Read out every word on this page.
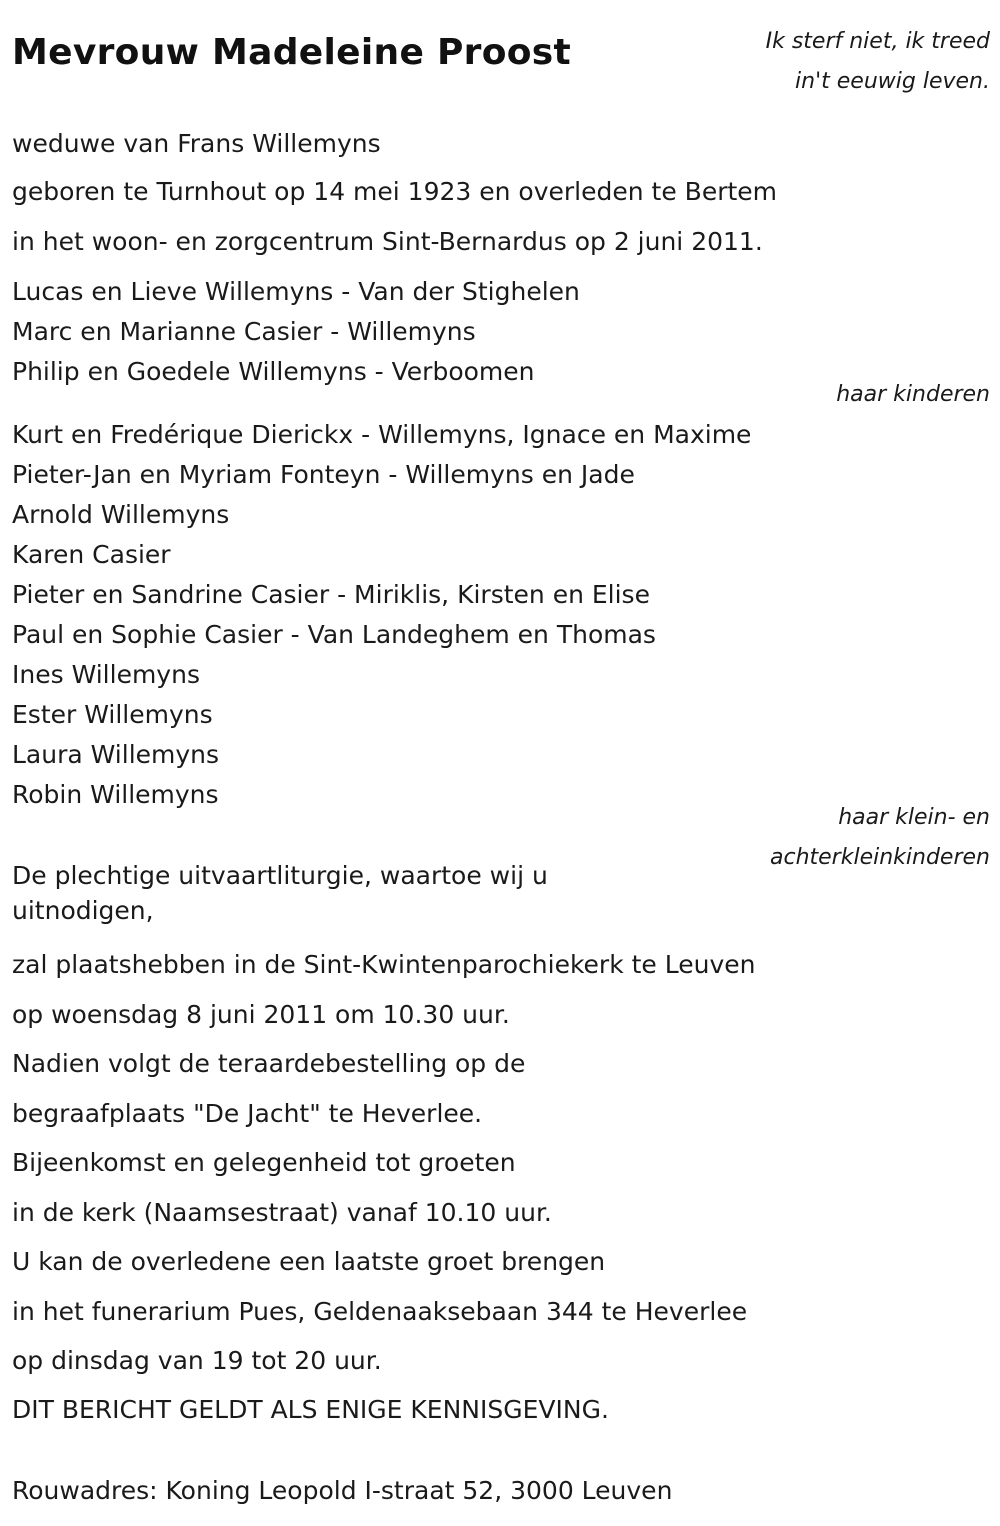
Mevrouw Madeleine Proost	Ik sterf niet, ik treed in't eeuwig leven.
weduwe van Frans Willemyns
geboren te Turnhout op 14 mei 1923 en overleden te Bertem
in het woon- en zorgcentrum Sint-Bernardus op 2 juni 2011.
Lucas en Lieve Willemyns - Van der Stighelen
Marc en Marianne Casier - Willemyns
Philip en Goedele Willemyns - Verboomen
haar kinderen
Kurt en Fredérique Dierickx - Willemyns, Ignace en Maxime
Pieter-Jan en Myriam Fonteyn - Willemyns en Jade
Arnold Willemyns
Karen Casier
Pieter en Sandrine Casier - Miriklis, Kirsten en Elise
Paul en Sophie Casier - Van Landeghem en Thomas
Ines Willemyns
Ester Willemyns
Laura Willemyns
Robin Willemyns
haar klein- en
achterkleinkinderen
De plechtige uitvaartliturgie, waartoe wij u uitnodigen,
zal plaatshebben in de Sint-Kwintenparochiekerk te Leuven
op woensdag 8 juni 2011 om 10.30 uur.
Nadien volgt de teraardebestelling op de
begraafplaats "De Jacht" te Heverlee.
Bijeenkomst en gelegenheid tot groeten
in de kerk (Naamsestraat) vanaf 10.10 uur.
U kan de overledene een laatste groet brengen
in het funerarium Pues, Geldenaaksebaan 344 te Heverlee
op dinsdag van 19 tot 20 uur.
DIT BERICHT GELDT ALS ENIGE KENNISGEVING.
Rouwadres: Koning Leopold I-straat 52, 3000 Leuven
